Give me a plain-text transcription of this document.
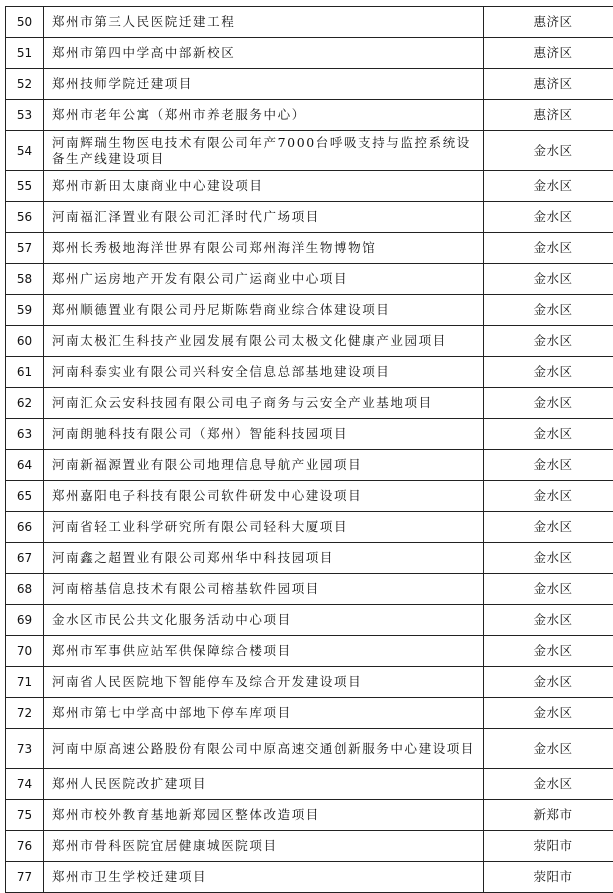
50	郑州市第三人民医院迁建工程	惠济区
51	郑州市第四中学高中部新校区	惠济区
52	郑州技师学院迁建项目	惠济区
53	郑州市老年公寓（郑州市养老服务中心）	惠济区
54	河南辉瑞生物医电技术有限公司年产7000台呼吸支持与监控系统设备生产线建设项目	金水区
55	郑州市新田太康商业中心建设项目	金水区
56	河南福汇泽置业有限公司汇泽时代广场项目	金水区
57	郑州长秀极地海洋世界有限公司郑州海洋生物博物馆	金水区
58	郑州广运房地产开发有限公司广运商业中心项目	金水区
59	郑州顺德置业有限公司丹尼斯陈砦商业综合体建设项目	金水区
60	河南太极汇生科技产业园发展有限公司太极文化健康产业园项目	金水区
61	河南科泰实业有限公司兴科安全信息总部基地建设项目	金水区
62	河南汇众云安科技园有限公司电子商务与云安全产业基地项目	金水区
63	河南朗驰科技有限公司（郑州）智能科技园项目	金水区
64	河南新福源置业有限公司地理信息导航产业园项目	金水区
65	郑州嘉阳电子科技有限公司软件研发中心建设项目	金水区
66	河南省轻工业科学研究所有限公司轻科大厦项目	金水区
67	河南鑫之超置业有限公司郑州华中科技园项目	金水区
68	河南榕基信息技术有限公司榕基软件园项目	金水区
69	金水区市民公共文化服务活动中心项目	金水区
70	郑州市军事供应站军供保障综合楼项目	金水区
71	河南省人民医院地下智能停车及综合开发建设项目	金水区
72	郑州市第七中学高中部地下停车库项目	金水区
73	河南中原高速公路股份有限公司中原高速交通创新服务中心建设项目	金水区
74	郑州人民医院改扩建项目	金水区
75	郑州市校外教育基地新郑园区整体改造项目	新郑市
76	郑州市骨科医院宜居健康城医院项目	荥阳市
77	郑州市卫生学校迁建项目	荥阳市
